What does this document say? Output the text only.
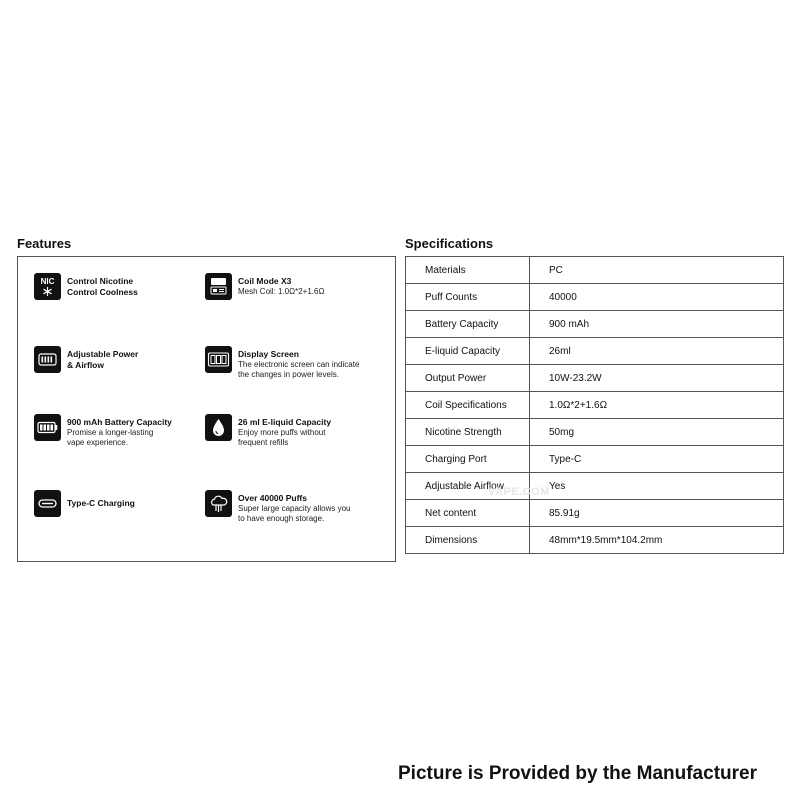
Features	Specifications
NIC Control Nicotine
Control Coolness
Coil Mode X3
Mesh Coil: 1.0Ω*2+1.6Ω
Adjustable Power
& Airflow
Display Screen
The electronic screen can indicate
the changes in power levels.
900 mAh Battery Capacity
Promise a longer-lasting
vape experience.
26 ml E-liquid Capacity
Enjoy more puffs without
frequent refills
Type-C Charging	Over 40000 Puffs
Super large capacity allows you
to have enough storage.
Materials	PC
Puff Counts	40000
Battery Capacity	900 mAh
E-liquid Capacity	26ml
Output Power	10W-23.2W
Coil Specifications	1.0Ω*2+1.6Ω
Nicotine Strength	50mg
Charging Port	Type-C
Adjustable Airflow	Yes
Net content	85.91g
Dimensions	48mm*19.5mm*104.2mm
VAPE.COM
Picture is Provided by the Manufacturer
